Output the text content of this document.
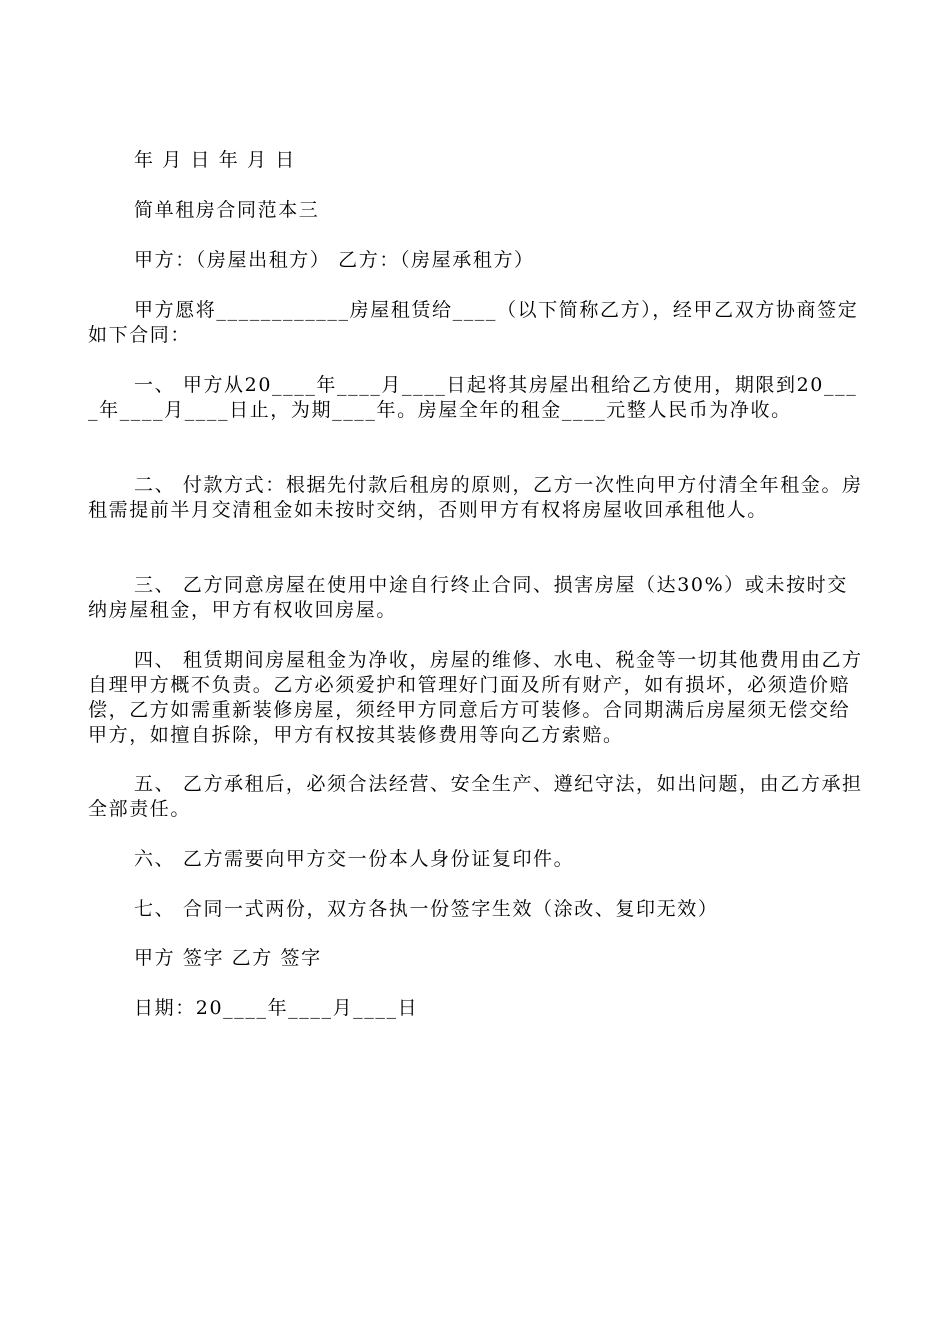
年 月 日 年 月 日

简单租房合同范本三

甲方：（房屋出租方） 乙方：（房屋承租方）

甲方愿将____________房屋租赁给____（以下简称乙方），经甲乙双方协商签定如下合同：

一、 甲方从20____年____月____日起将其房屋出租给乙方使用，期限到20____年____月____日止，为期____年。房屋全年的租金____元整人民币为净收。

二、 付款方式：根据先付款后租房的原则，乙方一次性向甲方付清全年租金。房租需提前半月交清租金如未按时交纳，否则甲方有权将房屋收回承租他人。

三、 乙方同意房屋在使用中途自行终止合同、损害房屋（达30%）或未按时交纳房屋租金，甲方有权收回房屋。

四、 租赁期间房屋租金为净收，房屋的维修、水电、税金等一切其他费用由乙方自理甲方概不负责。乙方必须爱护和管理好门面及所有财产，如有损坏，必须造价赔偿，乙方如需重新装修房屋，须经甲方同意后方可装修。合同期满后房屋须无偿交给甲方，如擅自拆除，甲方有权按其装修费用等向乙方索赔。

五、 乙方承租后，必须合法经营、安全生产、遵纪守法，如出问题，由乙方承担全部责任。

六、 乙方需要向甲方交一份本人身份证复印件。

七、 合同一式两份，双方各执一份签字生效（涂改、复印无效）

甲方 签字 乙方 签字

日期：20____年____月____日
